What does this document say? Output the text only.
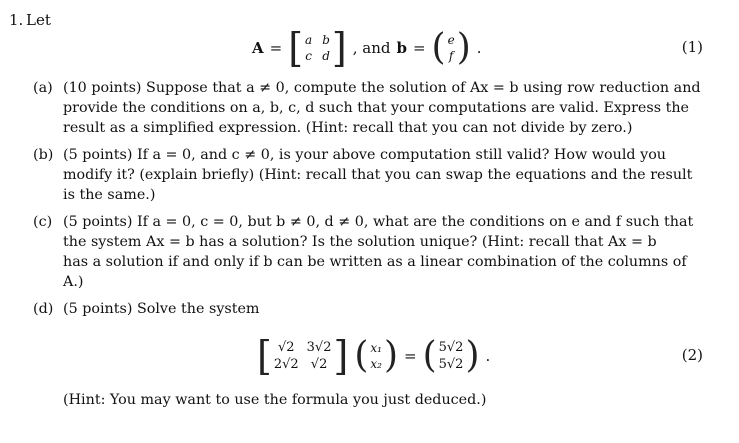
1. Let
A = [ a b
c d ] , and b = ( e
f ) .	(1)
(a) (10 points) Suppose that a ≠ 0, compute the solution of Ax = b using row reduction and
provide the conditions on a, b, c, d such that your computations are valid. Express the
result as a simplified expression. (Hint: recall that you can not divide by zero.)
(b) (5 points) If a = 0, and c ≠ 0, is your above computation still valid? How would you
modify it? (explain briefly) (Hint: recall that you can swap the equations and the result
is the same.)
(c) (5 points) If a = 0, c = 0, but b ≠ 0, d ≠ 0, what are the conditions on e and f such that
the system Ax = b has a solution? Is the solution unique? (Hint: recall that Ax = b
has a solution if and only if b can be written as a linear combination of the columns of
A.)
(d) (5 points) Solve the system
[ √2 3√2
2√2 √2 ] ( x₁
x₂ ) = ( 5√2
5√2 ) .	(2)
(Hint: You may want to use the formula you just deduced.)
